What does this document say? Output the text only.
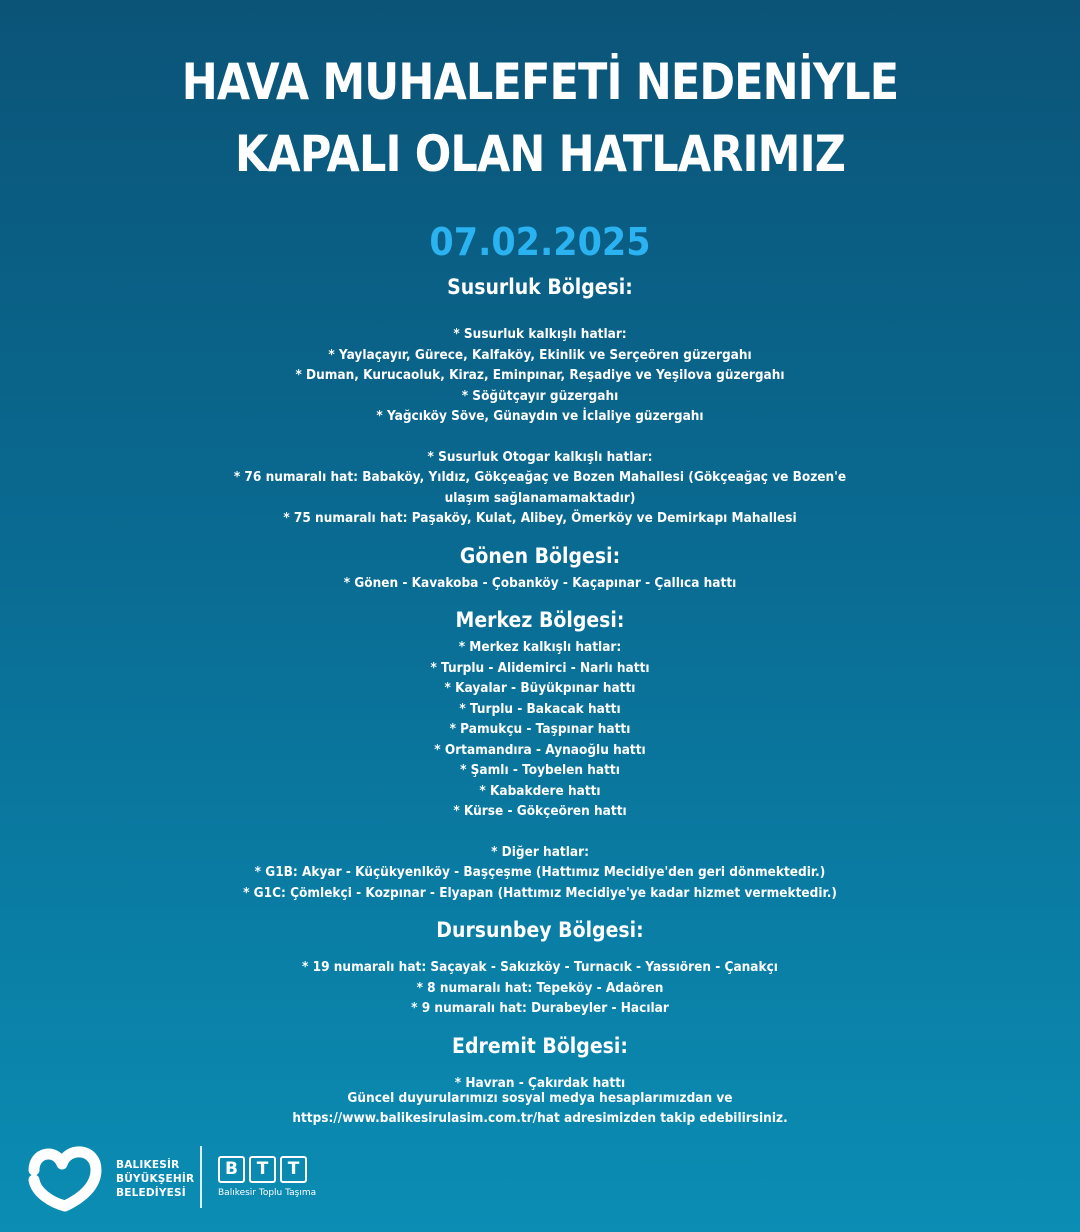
HAVA MUHALEFETİ NEDENİYLE
KAPALI OLAN HATLARIMIZ
07.02.2025
Susurluk Bölgesi:
* Susurluk kalkışlı hatlar:
* Yaylaçayır, Gürece, Kalfaköy, Ekinlik ve Serçeören güzergahı
* Duman, Kurucaoluk, Kiraz, Eminpınar, Reşadiye ve Yeşilova güzergahı
* Söğütçayır güzergahı
* Yağcıköy Söve, Günaydın ve İclaliye güzergahı
* Susurluk Otogar kalkışlı hatlar:
* 76 numaralı hat: Babaköy, Yıldız, Gökçeağaç ve Bozen Mahallesi (Gökçeağaç ve Bozen'e
ulaşım sağlanamamaktadır)
* 75 numaralı hat: Paşaköy, Kulat, Alibey, Ömerköy ve Demirkapı Mahallesi
Gönen Bölgesi:
* Gönen - Kavakoba - Çobanköy - Kaçapınar - Çallıca hattı
Merkez Bölgesi:
* Merkez kalkışlı hatlar:
* Turplu - Alidemirci - Narlı hattı
* Kayalar - Büyükpınar hattı
* Turplu - Bakacak hattı
* Pamukçu - Taşpınar hattı
* Ortamandıra - Aynaoğlu hattı
* Şamlı - Toybelen hattı
* Kabakdere hattı
* Kürse - Gökçeören hattı
* Diğer hatlar:
* G1B: Akyar - Küçükyenlköy - Başçeşme (Hattımız Mecidiye'den geri dönmektedir.)
* G1C: Çömlekçi - Kozpınar - Elyapan (Hattımız Mecidiye'ye kadar hizmet vermektedir.)
Dursunbey Bölgesi:
* 19 numaralı hat: Saçayak - Sakızköy - Turnacık - Yassıören - Çanakçı
* 8 numaralı hat: Tepeköy - Adaören
* 9 numaralı hat: Durabeyler - Hacılar
Edremit Bölgesi:
* Havran - Çakırdak hattı
Güncel duyurularımızı sosyal medya hesaplarımızdan ve
https://www.balikesirulasim.com.tr/hat adresimizden takip edebilirsiniz.
BALIKESİR
BÜYÜKŞEHİR
BELEDİYESİ
B	T	T
Balıkesir Toplu Taşıma
